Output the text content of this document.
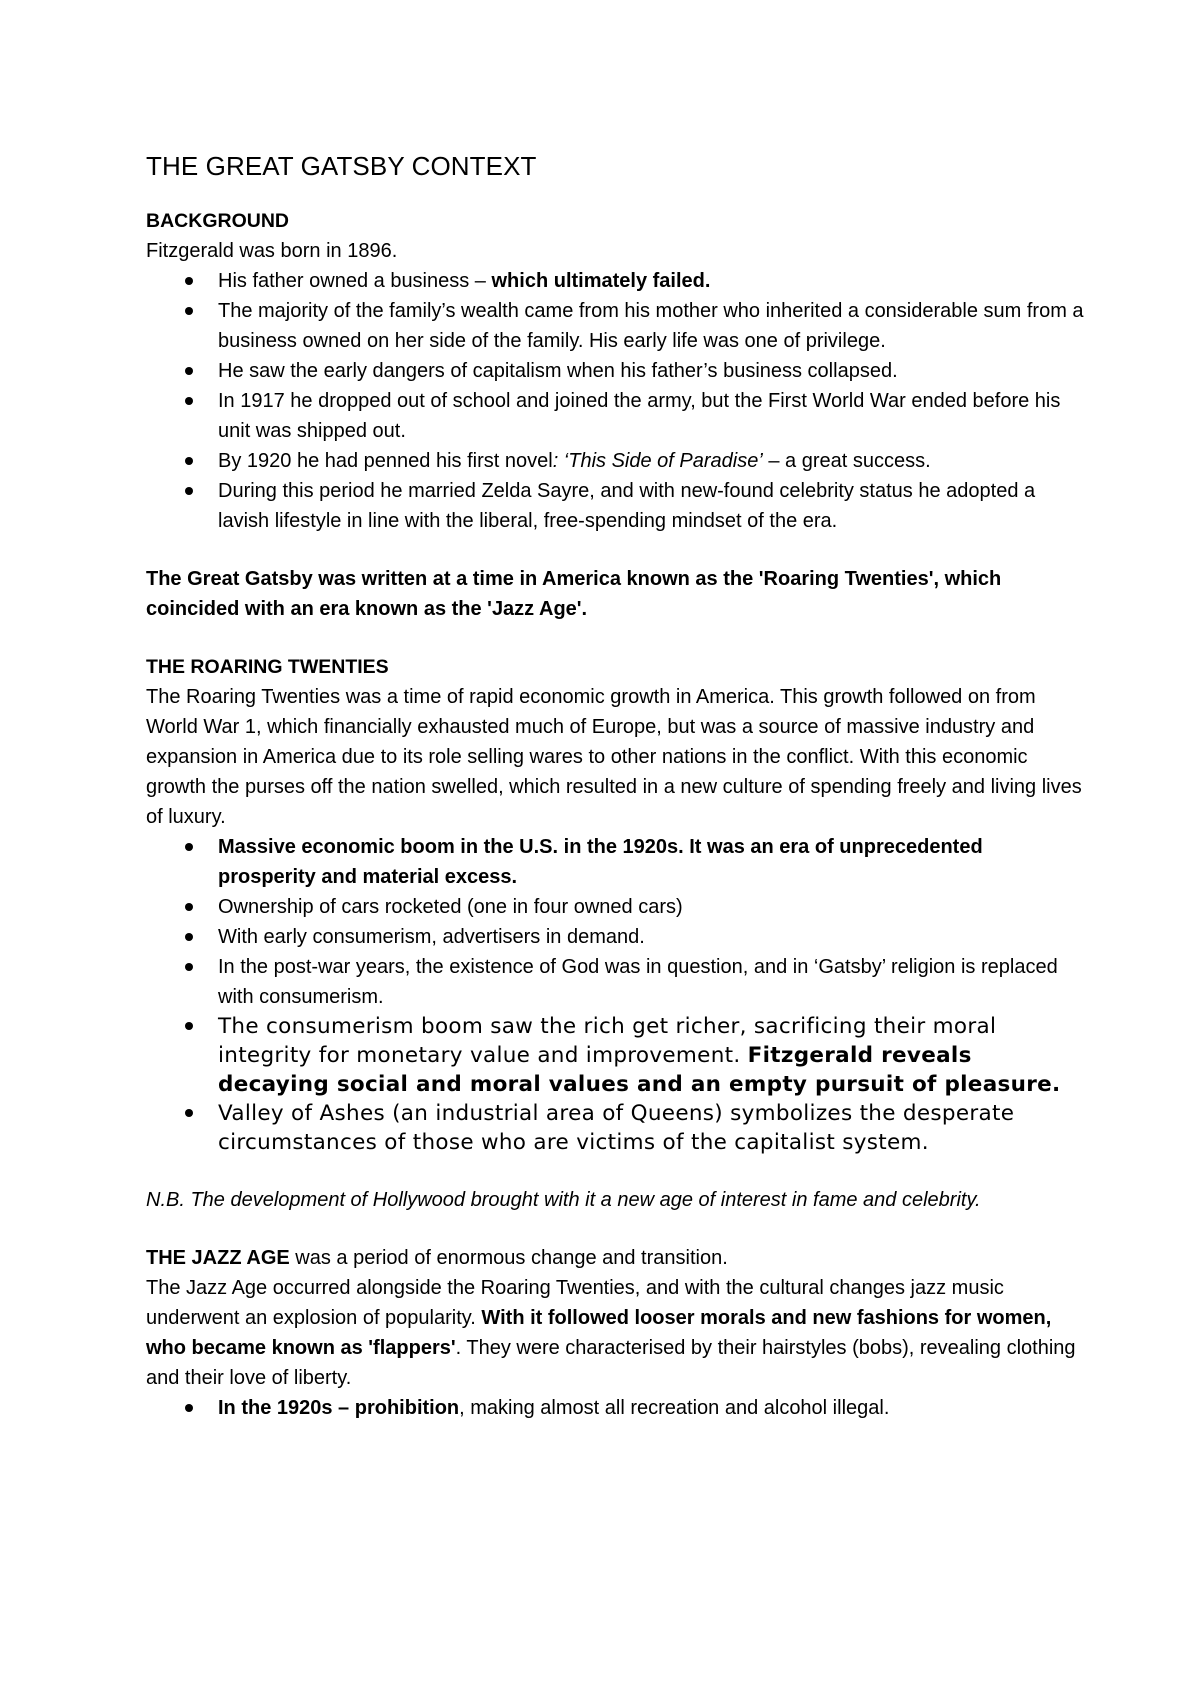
THE GREAT GATSBY CONTEXT

BACKGROUND

Fitzgerald was born in 1896.

His father owned a business – which ultimately failed.
The majority of the family’s wealth came from his mother who inherited a considerable sum from a business owned on her side of the family. His early life was one of privilege.
He saw the early dangers of capitalism when his father’s business collapsed.
In 1917 he dropped out of school and joined the army, but the First World War ended before his unit was shipped out.
By 1920 he had penned his first novel: ‘This Side of Paradise’ – a great success.
During this period he married Zelda Sayre, and with new-found celebrity status he adopted a lavish lifestyle in line with the liberal, free-spending mindset of the era.

The Great Gatsby was written at a time in America known as the 'Roaring Twenties', which coincided with an era known as the 'Jazz Age'.

THE ROARING TWENTIES

The Roaring Twenties was a time of rapid economic growth in America. This growth followed on from World War 1, which financially exhausted much of Europe, but was a source of massive industry and expansion in America due to its role selling wares to other nations in the conflict. With this economic growth the purses off the nation swelled, which resulted in a new culture of spending freely and living lives of luxury.

Massive economic boom in the U.S. in the 1920s. It was an era of unprecedented prosperity and material excess.
Ownership of cars rocketed (one in four owned cars)
With early consumerism, advertisers in demand.
In the post-war years, the existence of God was in question, and in ‘Gatsby’ religion is replaced with consumerism.
The consumerism boom saw the rich get richer, sacrificing their moral integrity for monetary value and improvement. Fitzgerald reveals decaying social and moral values and an empty pursuit of pleasure.
Valley of Ashes (an industrial area of Queens) symbolizes the desperate circumstances of those who are victims of the capitalist system.

N.B. The development of Hollywood brought with it a new age of interest in fame and celebrity.

THE JAZZ AGE was a period of enormous change and transition.

The Jazz Age occurred alongside the Roaring Twenties, and with the cultural changes jazz music underwent an explosion of popularity. With it followed looser morals and new fashions for women, who became known as 'flappers'. They were characterised by their hairstyles (bobs), revealing clothing and their love of liberty.

In the 1920s – prohibition, making almost all recreation and alcohol illegal.
